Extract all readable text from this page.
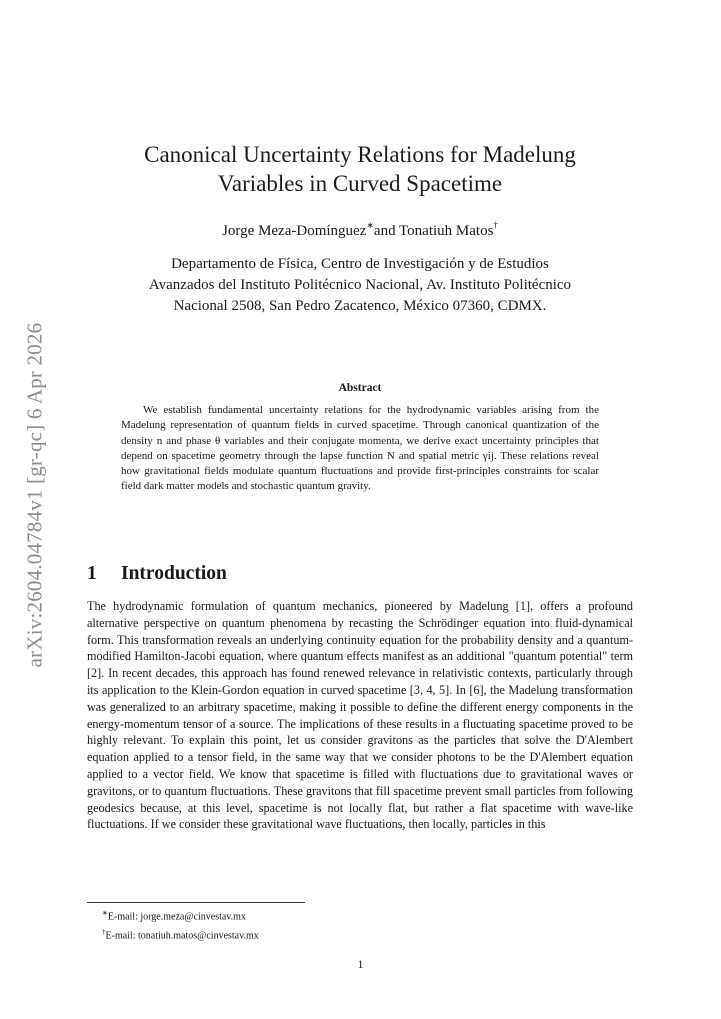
arXiv:2604.04784v1 [gr-qc] 6 Apr 2026
Canonical Uncertainty Relations for Madelung
Variables in Curved Spacetime
Jorge Meza-Domínguez∗and Tonatiuh Matos†
Departamento de Física, Centro de Investigación y de Estudios
Avanzados del Instituto Politécnico Nacional, Av. Instituto Politécnico
Nacional 2508, San Pedro Zacatenco, México 07360, CDMX.
Abstract
We establish fundamental uncertainty relations for the hydrodynamic variables arising from the Madelung representation of quantum fields in curved spacetime. Through canonical quantization of the density n and phase θ variables and their conjugate momenta, we derive exact uncertainty principles that depend on spacetime geometry through the lapse function N and spatial metric γij. These relations reveal how gravitational fields modulate quantum fluctuations and provide first-principles constraints for scalar field dark matter models and stochastic quantum gravity.
1 Introduction
The hydrodynamic formulation of quantum mechanics, pioneered by Madelung [1], offers a profound alternative perspective on quantum phenomena by recasting the Schrödinger equation into fluid-dynamical form. This transformation reveals an underlying continuity equation for the probability density and a quantum-modified Hamilton-Jacobi equation, where quantum effects manifest as an additional "quantum potential" term [2]. In recent decades, this approach has found renewed relevance in relativistic contexts, particularly through its application to the Klein-Gordon equation in curved spacetime [3, 4, 5]. In [6], the Madelung transformation was generalized to an arbitrary spacetime, making it possible to define the different energy components in the energy-momentum tensor of a source. The implications of these results in a fluctuating spacetime proved to be highly relevant. To explain this point, let us consider gravitons as the particles that solve the D'Alembert equation applied to a tensor field, in the same way that we consider photons to be the D'Alembert equation applied to a vector field. We know that spacetime is filled with fluctuations due to gravitational waves or gravitons, or to quantum fluctuations. These gravitons that fill spacetime prevent small particles from following geodesics because, at this level, spacetime is not locally flat, but rather a flat spacetime with wave-like fluctuations. If we consider these gravitational wave fluctuations, then locally, particles in this
∗E-mail: jorge.meza@cinvestav.mx
†E-mail: tonatiuh.matos@cinvestav.mx
1
